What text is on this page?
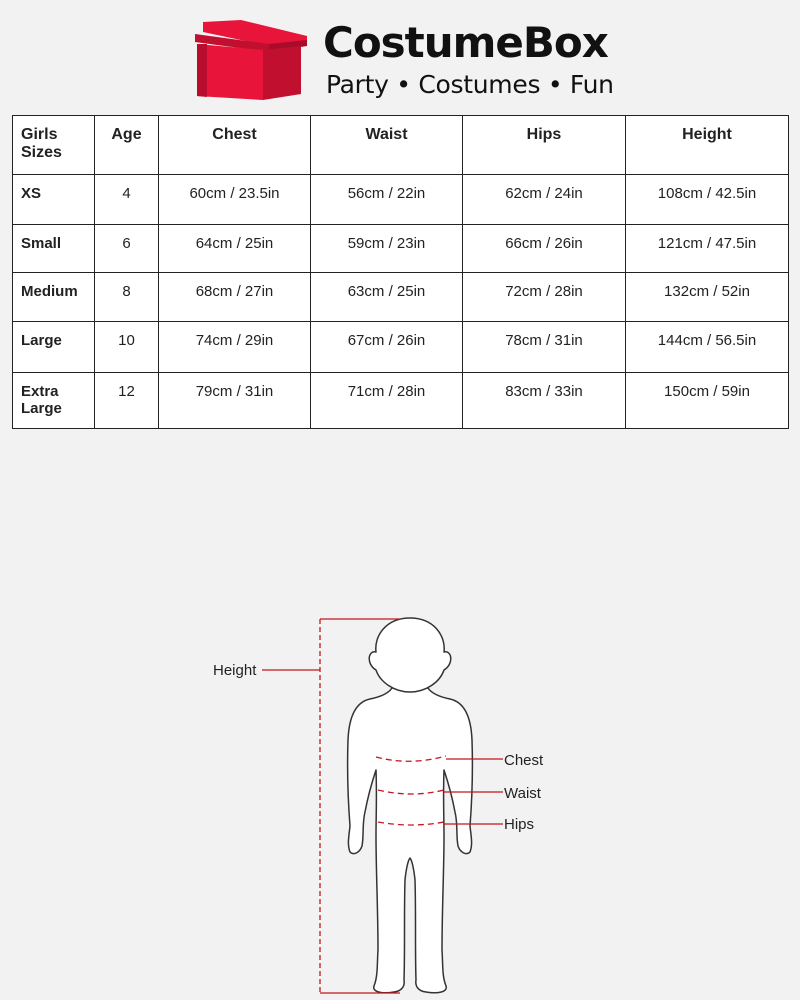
CostumeBox
Party • Costumes • Fun
Girls Sizes	Age	Chest	Waist	Hips	Height
XS	4	60cm / 23.5in	56cm / 22in	62cm / 24in	108cm / 42.5in
Small	6	64cm / 25in	59cm / 23in	66cm / 26in	121cm / 47.5in
Medium	8	68cm / 27in	63cm / 25in	72cm / 28in	132cm / 52in
Large	10	74cm / 29in	67cm / 26in	78cm / 31in	144cm / 56.5in
Extra Large	12	79cm / 31in	71cm / 28in	83cm / 33in	150cm / 59in
Height
Chest
Waist
Hips
